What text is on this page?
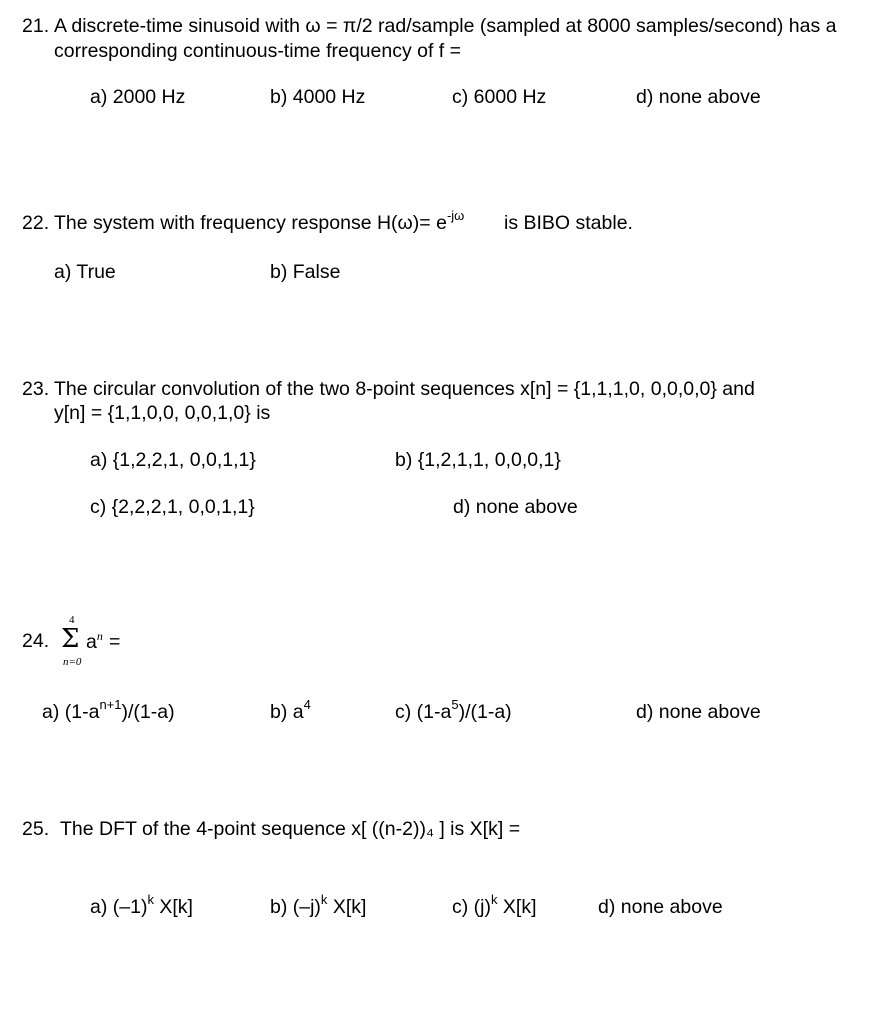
21. A discrete-time sinusoid with ω = π/2 rad/sample (sampled at 8000 samples/second) has a
corresponding continuous-time frequency of f =
a) 2000 Hz	b) 4000 Hz	c) 6000 Hz	d) none above
22. The system with frequency response $H(\omega)= e^{-j\omega}$ is BIBO stable.
a) True	b) False
23. The circular convolution of the two 8-point sequences x[n] = {1,1,1,0, 0,0,0,0} and
y[n] = {1,1,0,0, 0,0,1,0} is
a) {1,2,2,1, 0,0,1,1}	b) {1,2,1,1, 0,0,0,1}
c) {2,2,2,1, 0,0,1,1}	d) none above
24.
4
Σ
n=0
$a^n$ =
a) $(1-a^{n+1})/(1-a)$	b) $a^4$	c) $(1-a^5)/(1-a)$	d) none above
25. The DFT of the 4-point sequence x[ ((n-2))₄ ] is X[k] =
a) $(-1)^k$ X[k]	b) $(-j)^k$ X[k]	c) $(j)^k$ X[k]	d) none above
